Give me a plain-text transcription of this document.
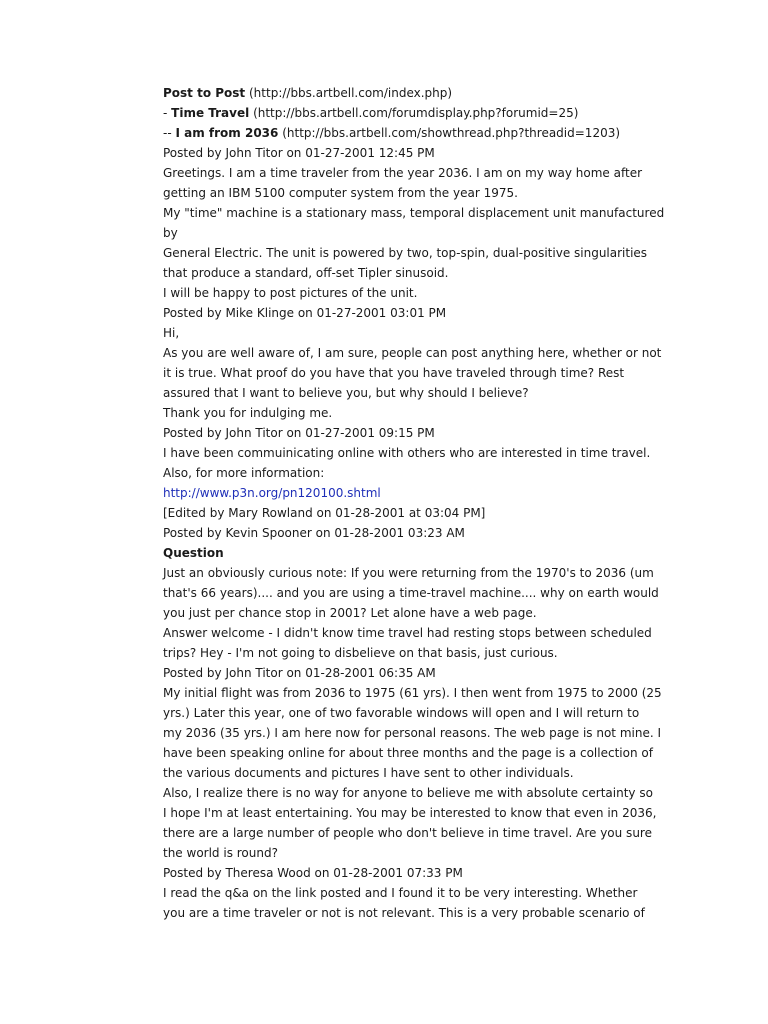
Post to Post (http://bbs.artbell.com/index.php)
- Time Travel (http://bbs.artbell.com/forumdisplay.php?forumid=25)
-- I am from 2036 (http://bbs.artbell.com/showthread.php?threadid=1203)
Posted by John Titor on 01-27-2001 12:45 PM
Greetings. I am a time traveler from the year 2036. I am on my way home after
getting an IBM 5100 computer system from the year 1975.
My "time" machine is a stationary mass, temporal displacement unit manufactured
by
General Electric. The unit is powered by two, top-spin, dual-positive singularities
that produce a standard, off-set Tipler sinusoid.
I will be happy to post pictures of the unit.
Posted by Mike Klinge on 01-27-2001 03:01 PM
Hi,
As you are well aware of, I am sure, people can post anything here, whether or not
it is true. What proof do you have that you have traveled through time? Rest
assured that I want to believe you, but why should I believe?
Thank you for indulging me.
Posted by John Titor on 01-27-2001 09:15 PM
I have been commuinicating online with others who are interested in time travel.
Also, for more information:
http://www.p3n.org/pn120100.shtml
[Edited by Mary Rowland on 01-28-2001 at 03:04 PM]
Posted by Kevin Spooner on 01-28-2001 03:23 AM
Question
Just an obviously curious note: If you were returning from the 1970's to 2036 (um
that's 66 years).... and you are using a time-travel machine.... why on earth would
you just per chance stop in 2001? Let alone have a web page.
Answer welcome - I didn't know time travel had resting stops between scheduled
trips? Hey - I'm not going to disbelieve on that basis, just curious.
Posted by John Titor on 01-28-2001 06:35 AM
My initial flight was from 2036 to 1975 (61 yrs). I then went from 1975 to 2000 (25
yrs.) Later this year, one of two favorable windows will open and I will return to
my 2036 (35 yrs.) I am here now for personal reasons. The web page is not mine. I
have been speaking online for about three months and the page is a collection of
the various documents and pictures I have sent to other individuals.
Also, I realize there is no way for anyone to believe me with absolute certainty so
I hope I'm at least entertaining. You may be interested to know that even in 2036,
there are a large number of people who don't believe in time travel. Are you sure
the world is round?
Posted by Theresa Wood on 01-28-2001 07:33 PM
I read the q&a on the link posted and I found it to be very interesting. Whether
you are a time traveler or not is not relevant. This is a very probable scenario of
